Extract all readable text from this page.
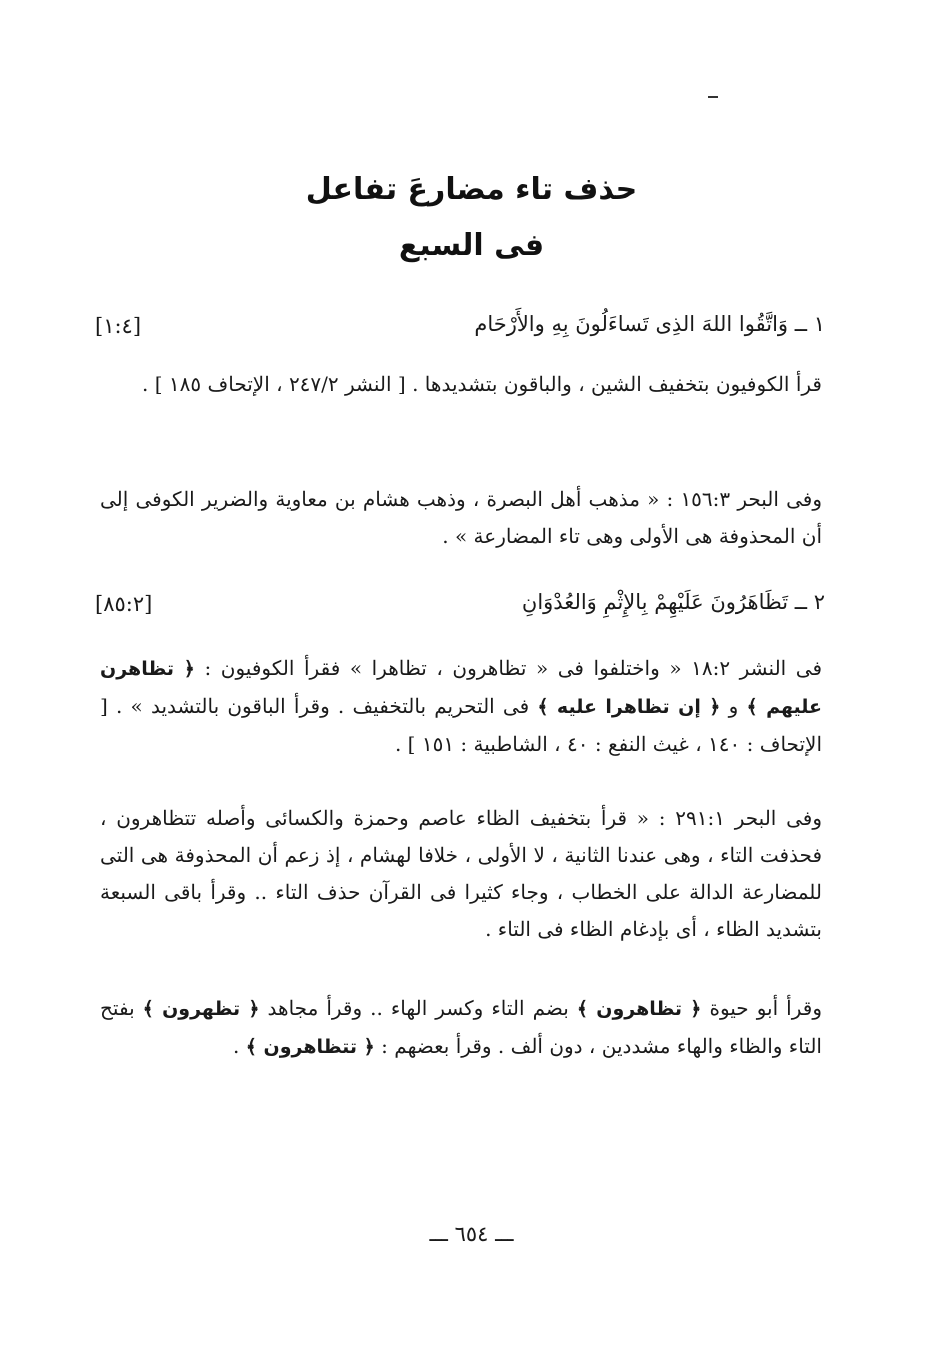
حذف تاء مضارعَ تفاعل
فى السبع
١ ــ وَاتَّقُوا اللهَ الذِى تَساءَلُونَ بِهِ والأَرْحَام
[١:٤]
قرأ الكوفيون بتخفيف الشين ، والباقون بتشديدها . [ النشر ٢٤٧/٢ ، الإتحاف ١٨٥ ] .
وفى البحر ١٥٦:٣ : « مذهب أهل البصرة ، وذهب هشام بن معاوية والضرير الكوفى إلى أن المحذوفة هى الأولى وهى تاء المضارعة » .
٢ ــ تَظَاهَرُونَ عَلَيْهِمْ بِالإِثْمِ وَالعُدْوَانِ
[٨٥:٢]
فى النشر ١٨:٢ « واختلفوا فى « تظاهرون ، تظاهرا » فقرأ الكوفيون : ﴿ تظاهرن عليهم ﴾ و ﴿ إن تظاهرا عليه ﴾ فى التحريم بالتخفيف . وقرأ الباقون بالتشديد » . [ الإتحاف : ١٤٠ ، غيث النفع : ٤٠ ، الشاطبية : ١٥١ ] .
وفى البحر ٢٩١:١ : « قرأ بتخفيف الظاء عاصم وحمزة والكسائى وأصله تتظاهرون ، فحذفت التاء ، وهى عندنا الثانية ، لا الأولى ، خلافا لهشام ، إذ زعم أن المحذوفة هى التى للمضارعة الدالة على الخطاب ، وجاء كثيرا فى القرآن حذف التاء .. وقرأ باقى السبعة بتشديد الظاء ، أى بإدغام الظاء فى التاء .
وقرأ أبو حيوة ﴿ تظاهرون ﴾ بضم التاء وكسر الهاء .. وقرأ مجاهد ﴿ تظهرون ﴾ بفتح التاء والظاء والهاء مشددين ، دون ألف . وقرأ بعضهم : ﴿ تتظاهرون ﴾ .
ـــ ٦٥٤ ـــ
